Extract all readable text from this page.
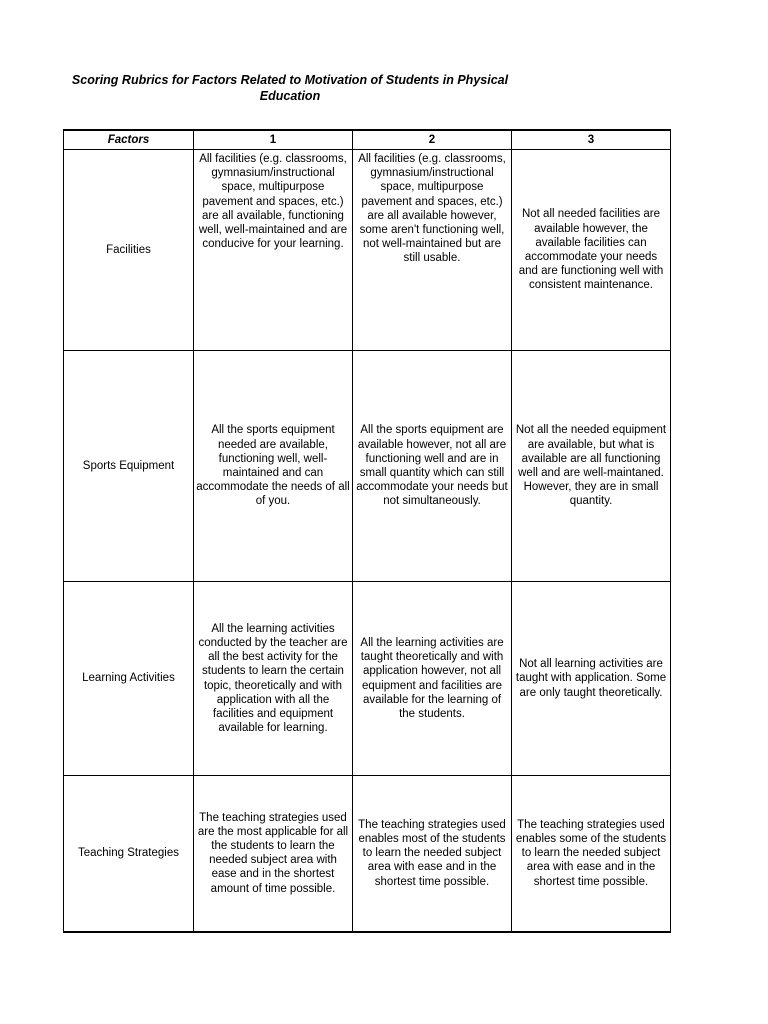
Scoring Rubrics for Factors Related to Motivation of Students in Physical Education
Factors	1	2	3
Facilities	All facilities (e.g. classrooms, gymnasium/instructional space, multipurpose pavement and spaces, etc.) are all available, functioning well, well-maintained and are conducive for your learning.	All facilities (e.g. classrooms, gymnasium/instructional space, multipurpose pavement and spaces, etc.) are all available however, some aren't functioning well, not well-maintained but are still usable.	Not all needed facilities are available however, the available facilities can accommodate your needs and are functioning well with consistent maintenance.
Sports Equipment	All the sports equipment needed are available, functioning well, well-maintained and can accommodate the needs of all of you.	All the sports equipment are available however, not all are functioning well and are in small quantity which can still accommodate your needs but not simultaneously.	Not all the needed equipment are available, but what is available are all functioning well and are well-maintaned. However, they are in small quantity.
Learning Activities	All the learning activities conducted by the teacher are all the best activity for the students to learn the certain topic, theoretically and with application with all the facilities and equipment available for learning.	All the learning activities are taught theoretically and with application however, not all equipment and facilities are available for the learning of the students.	Not all learning activities are taught with application. Some are only taught theoretically.
Teaching Strategies	The teaching strategies used are the most applicable for all the students to learn the needed subject area with ease and in the shortest amount of time possible.	The teaching strategies used enables most of the students to learn the needed subject area with ease and in the shortest time possible.	The teaching strategies used enables some of the students to learn the needed subject area with ease and in the shortest time possible.
